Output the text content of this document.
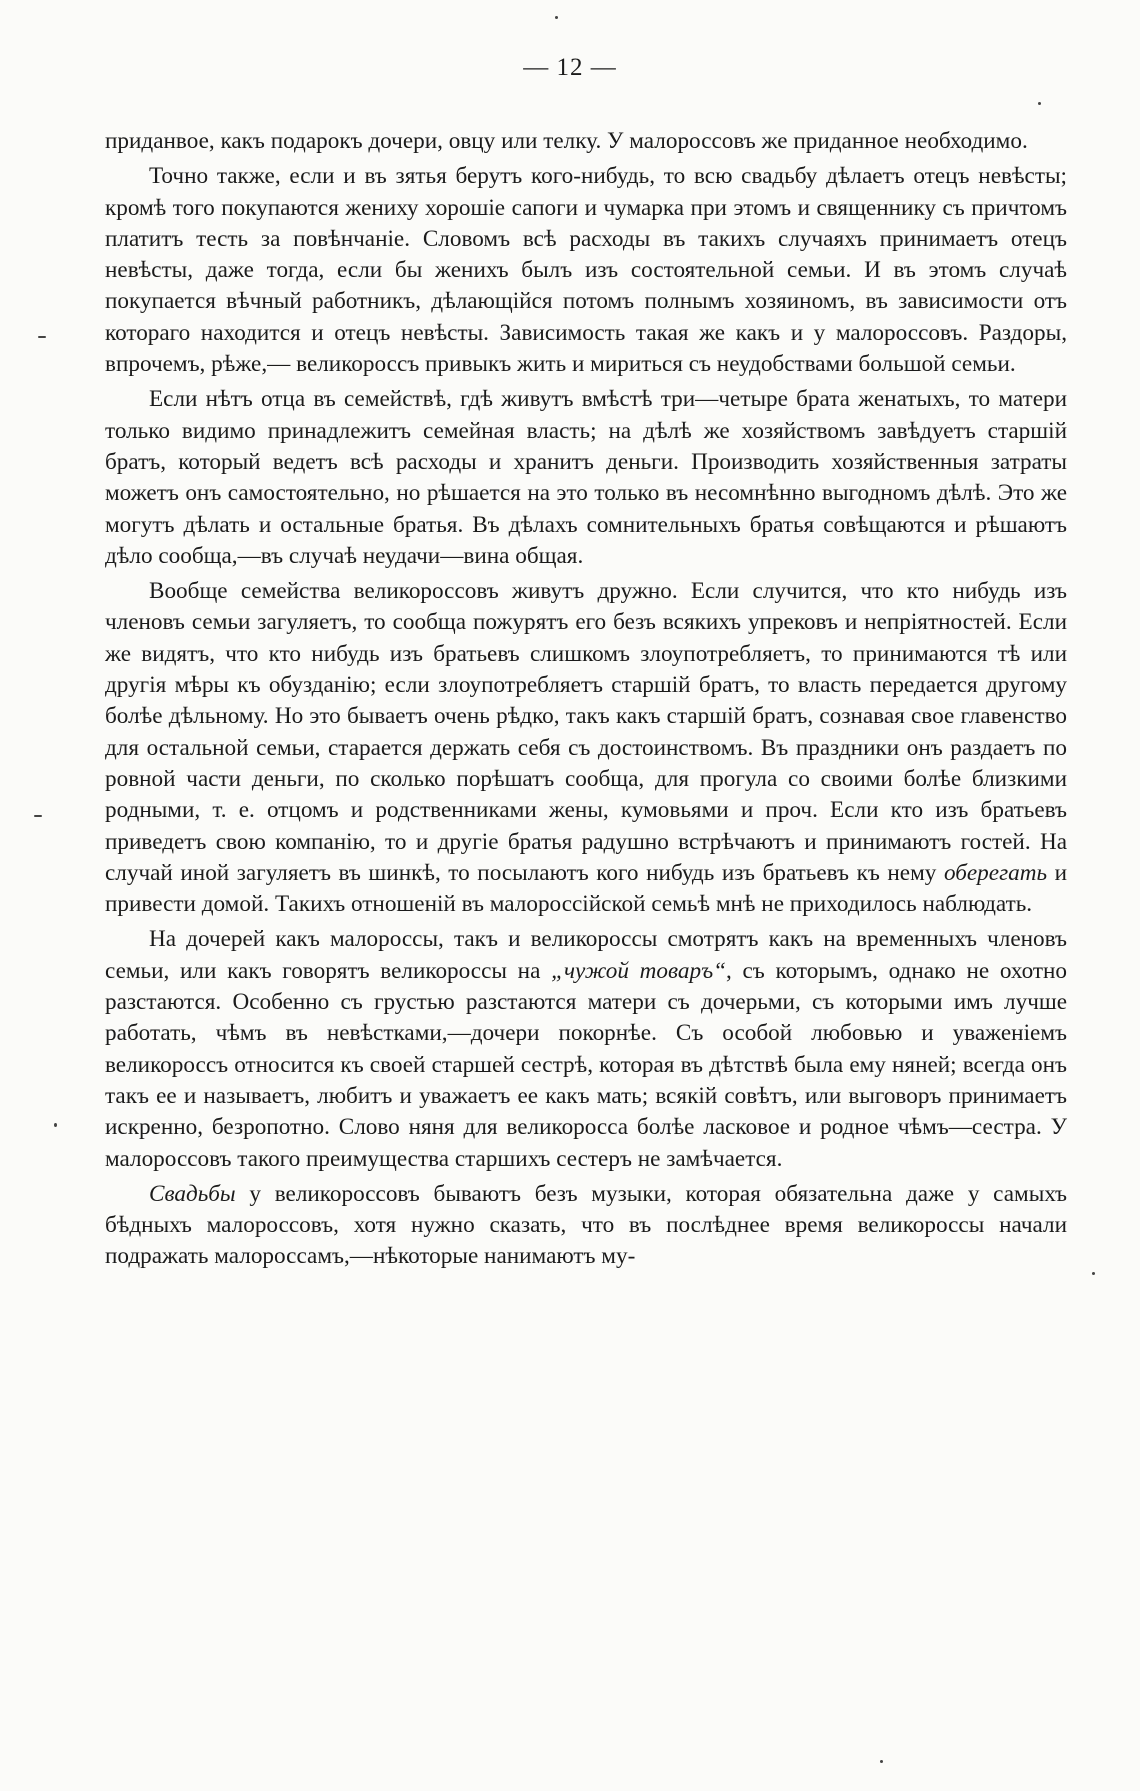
— 12 —

приданвое, какъ подарокъ дочери, овцу или телку. У малороссовъ же приданное необходимо.

Точно также, если и въ зятья берутъ кого-нибудь, то всю свадьбу дѣлаетъ отецъ невѣсты; кромѣ того покупаются жениху хорошіе сапоги и чумарка при этомъ и священнику съ причтомъ платитъ тесть за повѣнчаніе. Словомъ всѣ расходы въ такихъ случаяхъ принимаетъ отецъ невѣсты, даже тогда, если бы женихъ былъ изъ состоятельной семьи. И въ этомъ случаѣ покупается вѣчный работникъ, дѣлающійся потомъ полнымъ хозяиномъ, въ зависимости отъ котораго находится и отецъ невѣсты. Зависимость такая же какъ и у малороссовъ. Раздоры, впрочемъ, рѣже,— великороссъ привыкъ жить и мириться съ неудобствами большой семьи.

Если нѣтъ отца въ семействѣ, гдѣ живутъ вмѣстѣ три—четыре брата женатыхъ, то матери только видимо принадлежитъ семейная власть; на дѣлѣ же хозяйствомъ завѣдуетъ старшій братъ, который ведетъ всѣ расходы и хранитъ деньги. Производить хозяйственныя затраты можетъ онъ самостоятельно, но рѣшается на это только въ несомнѣнно выгодномъ дѣлѣ. Это же могутъ дѣлать и остальные братья. Въ дѣлахъ сомнительныхъ братья совѣщаются и рѣшаютъ дѣло сообща,—въ случаѣ неудачи—вина общая.

Вообще семейства великороссовъ живутъ дружно. Если случится, что кто нибудь изъ членовъ семьи загуляетъ, то сообща пожурятъ его безъ всякихъ упрековъ и непріятностей. Если же видятъ, что кто нибудь изъ братьевъ слишкомъ злоупотребляетъ, то принимаются тѣ или другія мѣры къ обузданію; если злоупотребляетъ старшій братъ, то власть передается другому болѣе дѣльному. Но это бываетъ очень рѣдко, такъ какъ старшій братъ, сознавая свое главенство для остальной семьи, старается держать себя съ достоинствомъ. Въ праздники онъ раздаетъ по ровной части деньги, по сколько порѣшатъ сообща, для прогула со своими болѣе близкими родными, т. е. отцомъ и родственниками жены, кумовьями и проч. Если кто изъ братьевъ приведетъ свою компанію, то и другіе братья радушно встрѣчаютъ и принимаютъ гостей. На случай иной загуляетъ въ шинкѣ, то посылаютъ кого нибудь изъ братьевъ къ нему оберегать и привести домой. Такихъ отношеній въ малороссійской семьѣ мнѣ не приходилось наблюдать.

На дочерей какъ малороссы, такъ и великороссы смотрятъ какъ на временныхъ членовъ семьи, или какъ говорятъ великороссы на „чужой товаръ“, съ которымъ, однако не охотно разстаются. Особенно съ грустью разстаются матери съ дочерьми, съ которыми имъ лучше работать, чѣмъ въ невѣстками,—дочери покорнѣе. Съ особой любовью и уваженіемъ великороссъ относится къ своей старшей сестрѣ, которая въ дѣтствѣ была ему няней; всегда онъ такъ ее и называетъ, любитъ и уважаетъ ее какъ мать; всякій совѣтъ, или выговоръ принимаетъ искренно, безропотно. Слово няня для великоросса болѣе ласковое и родное чѣмъ—сестра. У малороссовъ такого преимущества старшихъ сестеръ не замѣчается.

Свадьбы у великороссовъ бываютъ безъ музыки, которая обязательна даже у самыхъ бѣдныхъ малороссовъ, хотя нужно сказать, что въ послѣднее время великороссы начали подражать малороссамъ,—нѣкоторые нанимаютъ му-
